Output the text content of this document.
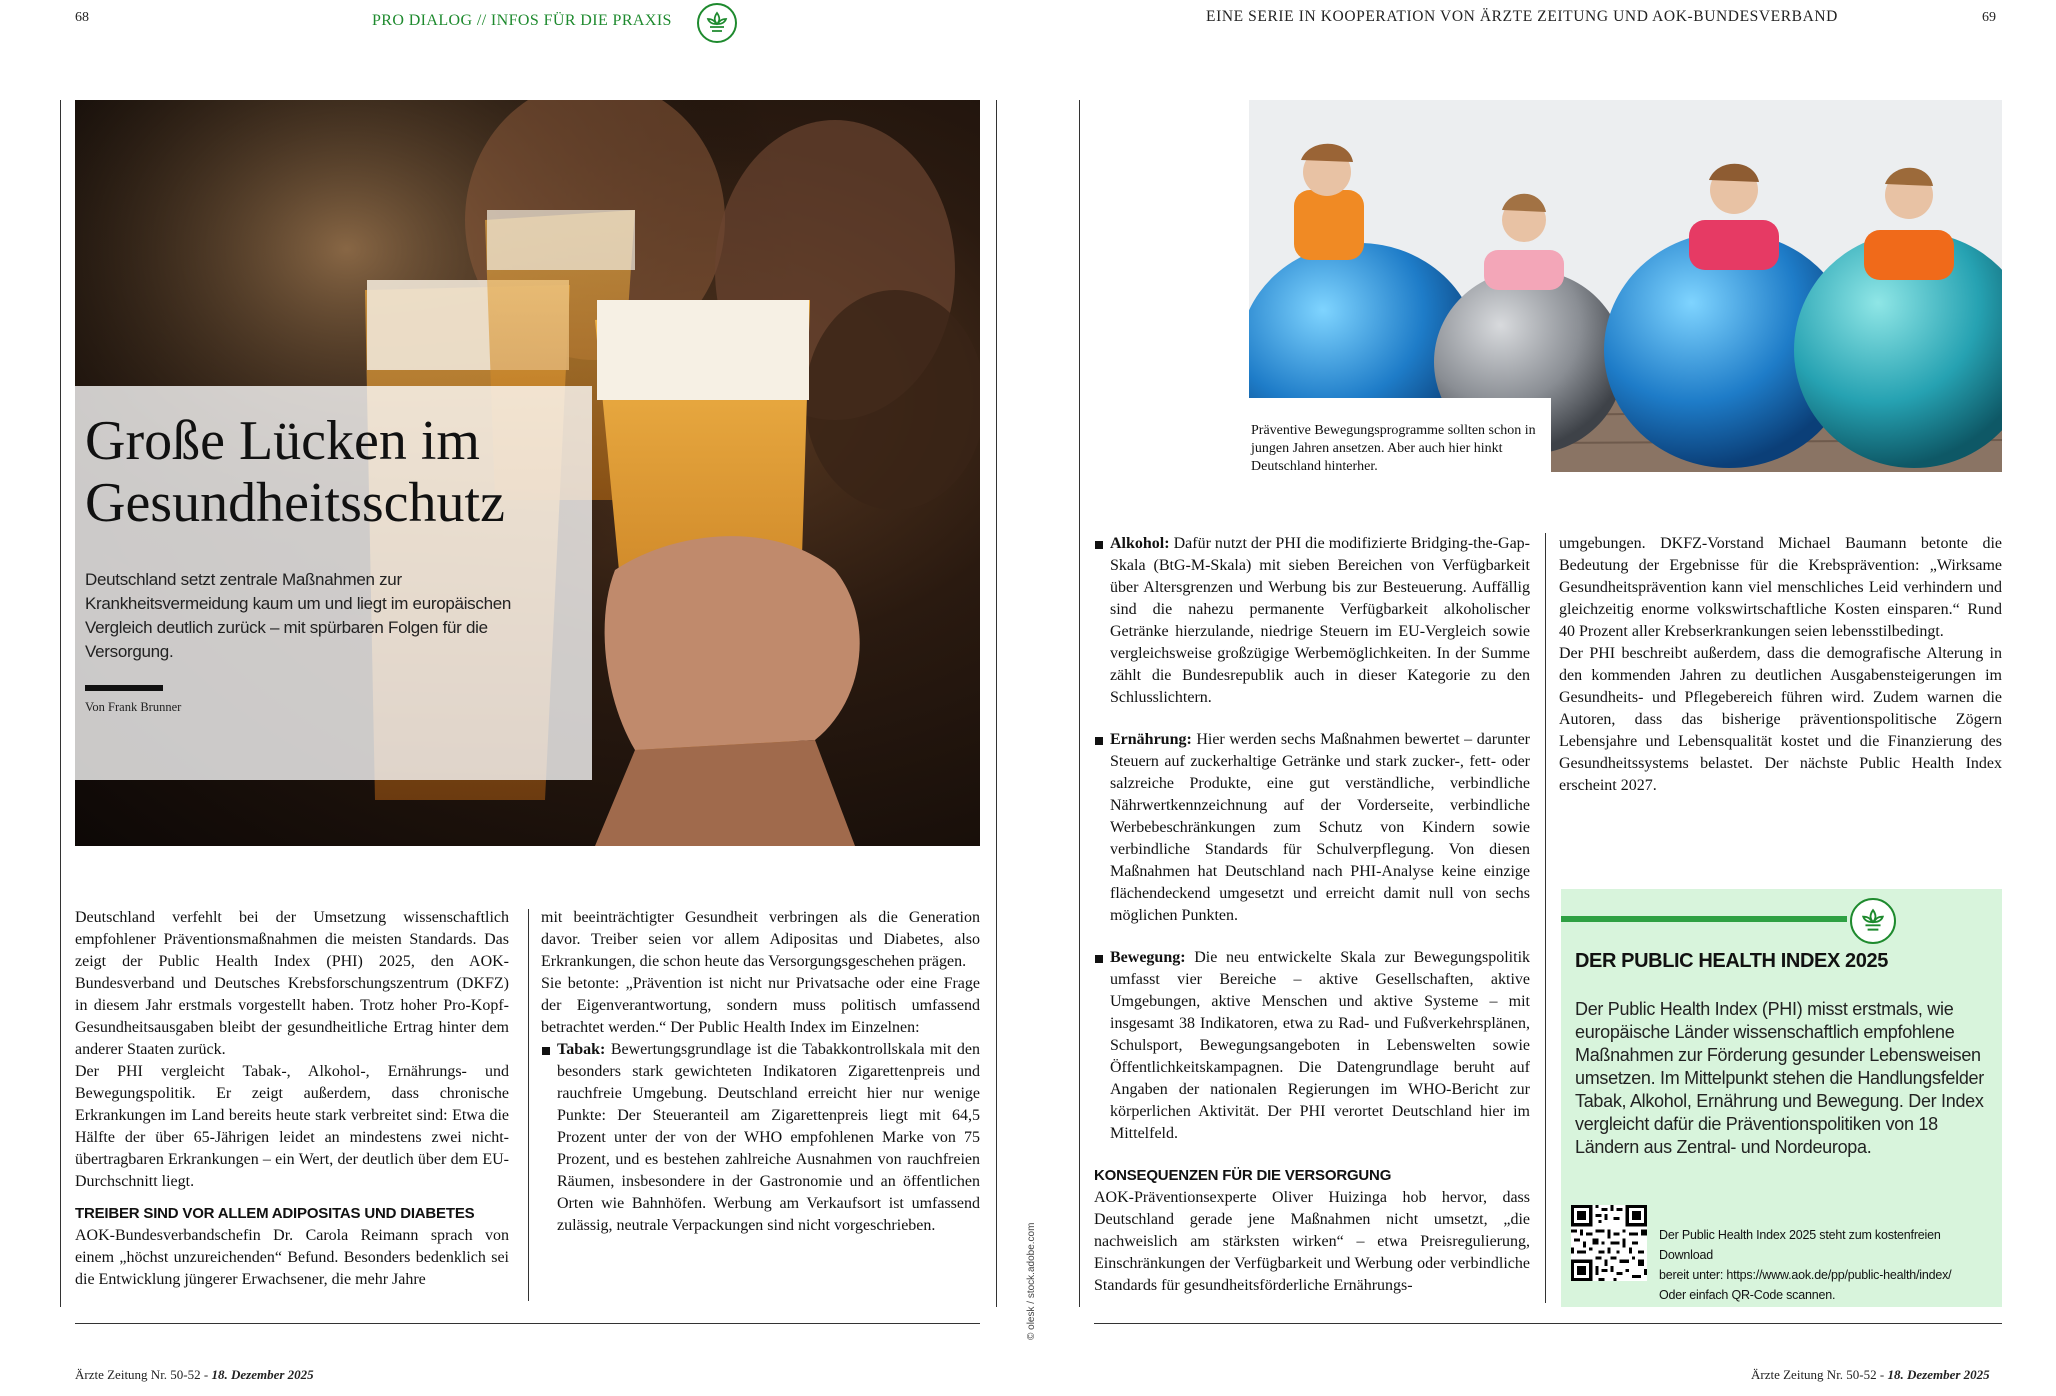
68	PRO DIALOG // INFOS FÜR DIE PRAXIS
Große Lücken im
Gesundheitsschutz
Deutschland setzt zentrale Maßnahmen zur Krankheitsvermeidung kaum um und liegt im europäischen Vergleich deutlich zurück – mit spürbaren Folgen für die Versorgung.
Von Frank Brunner

Deutschland verfehlt bei der Umsetzung wissenschaftlich empfohlener Präventionsmaßnahmen die meisten Standards. Das zeigt der Public Health Index (PHI) 2025, den AOK-Bundesverband und Deutsches Krebsforschungszentrum (DKFZ) in diesem Jahr erstmals vorgestellt haben. Trotz hoher Pro-Kopf-Gesundheitsausgaben bleibt der gesundheitliche Ertrag hinter dem anderer Staaten zurück.

Der PHI vergleicht Tabak-, Alkohol-, Ernährungs- und Bewegungspolitik. Er zeigt außerdem, dass chronische Erkrankungen im Land bereits heute stark verbreitet sind: Etwa die Hälfte der über 65-Jährigen leidet an mindestens zwei nicht-übertragbaren Erkrankungen – ein Wert, der deutlich über dem EU-Durchschnitt liegt.

TREIBER SIND VOR ALLEM ADIPOSITAS UND DIABETES

AOK-Bundesverbandschefin Dr. Carola Reimann sprach von einem „höchst unzureichenden“ Befund. Besonders bedenklich sei die Entwicklung jüngerer Erwachsener, die mehr Jahre

mit beeinträchtigter Gesundheit verbringen als die Generation davor. Treiber seien vor allem Adipositas und Diabetes, also Erkrankungen, die schon heute das Versorgungsgeschehen prägen.

Sie betonte: „Prävention ist nicht nur Privatsache oder eine Frage der Eigenverantwortung, sondern muss politisch umfassend betrachtet werden.“ Der Public Health Index im Einzelnen:

Tabak: Bewertungsgrundlage ist die Tabakkontrollskala mit den besonders stark gewichteten Indikatoren Zigarettenpreis und rauchfreie Umgebung. Deutschland erreicht hier nur wenige Punkte: Der Steueranteil am Zigarettenpreis liegt mit 64,5 Prozent unter der von der WHO empfohlenen Marke von 75 Prozent, und es bestehen zahlreiche Ausnahmen von rauchfreien Räumen, insbesondere in der Gastronomie und an öffentlichen Orten wie Bahnhöfen. Werbung am Verkaufsort ist umfassend zulässig, neutrale Verpackungen sind nicht vorgeschrieben.

Ärzte Zeitung Nr. 50-52 - 18. Dezember 2025
EINE SERIE IN KOOPERATION VON ÄRZTE ZEITUNG UND AOK-BUNDESVERBAND	69
© olesk / stock.adobe.com
Präventive Bewegungsprogramme sollten schon in jungen Jahren ansetzen. Aber auch hier hinkt Deutschland hinterher.

Alkohol: Dafür nutzt der PHI die modifizierte Bridging-the-Gap-Skala (BtG-M-Skala) mit sieben Bereichen von Verfügbarkeit über Altersgrenzen und Werbung bis zur Besteuerung. Auffällig sind die nahezu permanente Verfügbarkeit alkoholischer Getränke hierzulande, niedrige Steuern im EU-Vergleich sowie vergleichsweise großzügige Werbemöglichkeiten. In der Summe zählt die Bundesrepublik auch in dieser Kategorie zu den Schlusslichtern.

Ernährung: Hier werden sechs Maßnahmen bewertet – darunter Steuern auf zuckerhaltige Getränke und stark zucker-, fett- oder salzreiche Produkte, eine gut verständliche, verbindliche Nährwertkennzeichnung auf der Vorderseite, verbindliche Werbebeschränkungen zum Schutz von Kindern sowie verbindliche Standards für Schulverpflegung. Von diesen Maßnahmen hat Deutschland nach PHI-Analyse keine einzige flächendeckend umgesetzt und erreicht damit null von sechs möglichen Punkten.

Bewegung: Die neu entwickelte Skala zur Bewegungspolitik umfasst vier Bereiche – aktive Gesellschaften, aktive Umgebungen, aktive Menschen und aktive Systeme – mit insgesamt 38 Indikatoren, etwa zu Rad- und Fußverkehrsplänen, Schulsport, Bewegungsangeboten in Lebenswelten sowie Öffentlichkeitskampagnen. Die Datengrundlage beruht auf Angaben der nationalen Regierungen im WHO-Bericht zur körperlichen Aktivität. Der PHI verortet Deutschland hier im Mittelfeld.

KONSEQUENZEN FÜR DIE VERSORGUNG

AOK-Präventionsexperte Oliver Huizinga hob hervor, dass Deutschland gerade jene Maßnahmen nicht umsetzt, „die nachweislich am stärksten wirken“ – etwa Preisregulierung, Einschränkungen der Verfügbarkeit und Werbung oder verbindliche Standards für gesundheitsförderliche Ernährungs-

umgebungen. DKFZ-Vorstand Michael Baumann betonte die Bedeutung der Ergebnisse für die Krebsprävention: „Wirksame Gesundheitsprävention kann viel menschliches Leid verhindern und gleichzeitig enorme volkswirtschaftliche Kosten einsparen.“ Rund 40 Prozent aller Krebserkrankungen seien lebensstilbedingt.

Der PHI beschreibt außerdem, dass die demografische Alterung in den kommenden Jahren zu deutlichen Ausgabensteigerungen im Gesundheits- und Pflegebereich führen wird. Zudem warnen die Autoren, dass das bisherige präventionspolitische Zögern Lebensjahre und Lebensqualität kostet und die Finanzierung des Gesundheitssystems belastet. Der nächste Public Health Index erscheint 2027.

DER PUBLIC HEALTH INDEX 2025
Der Public Health Index (PHI) misst erstmals, wie europäische Länder wissenschaftlich empfohlene Maßnahmen zur Förderung gesunder Lebensweisen umsetzen. Im Mittelpunkt stehen die Handlungsfelder Tabak, Alkohol, Ernährung und Bewegung. Der Index vergleicht dafür die Präventionspolitiken von 18 Ländern aus Zentral- und Nordeuropa.
Der Public Health Index 2025 steht zum kostenfreien Download
bereit unter: https://www.aok.de/pp/public-health/index/
Oder einfach QR-Code scannen.
Ärzte Zeitung Nr. 50-52 - 18. Dezember 2025
